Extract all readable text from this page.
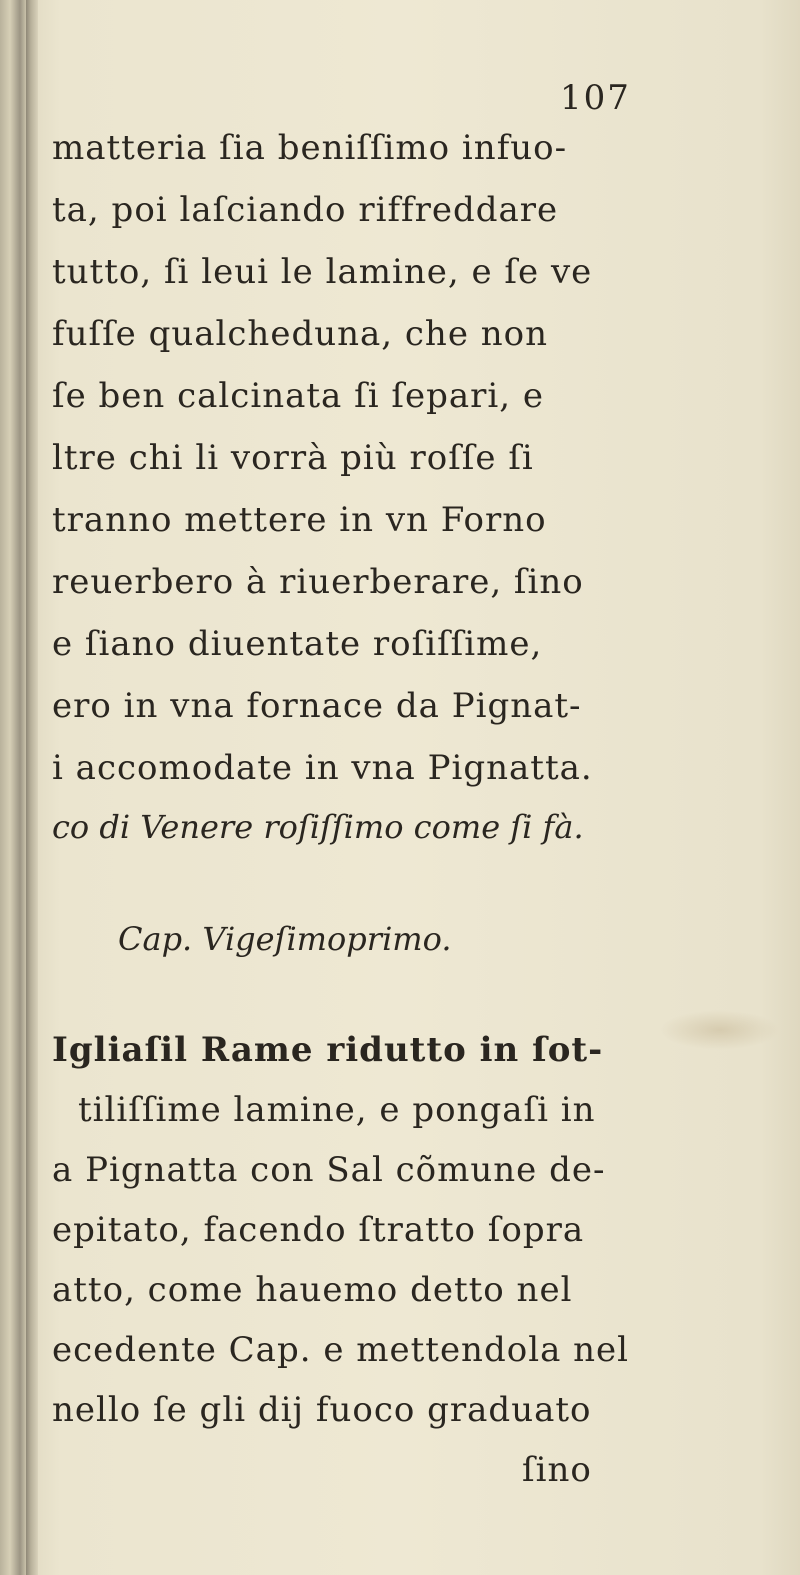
107
matteria ſia beniſſimo infuo-
ta, poi laſciando riffreddare
tutto, ſi leui le lamine, e ſe ve
fuſſe qualcheduna, che non
ſe ben calcinata ſi ſepari, e
ltre chi li vorrà più roſſe ſi
tranno mettere in vn Forno
reuerbero à riuerberare, ſino
e ſiano diuentate roſiſſime,
ero in vna fornace da Pignat-
i accomodate in vna Pignatta.
co di Venere roſiſſimo come ſi fà.
Cap. Vigeſimoprimo.
Igliaſil Rame ridutto in ſot-
tiliſſime lamine, e pongaſi in
a Pignatta con Sal cõmune de-
epitato, facendo ſtratto ſopra
atto, come hauemo detto nel
ecedente Cap. e mettendola nel
nello ſe gli dij fuoco graduato
ſino
